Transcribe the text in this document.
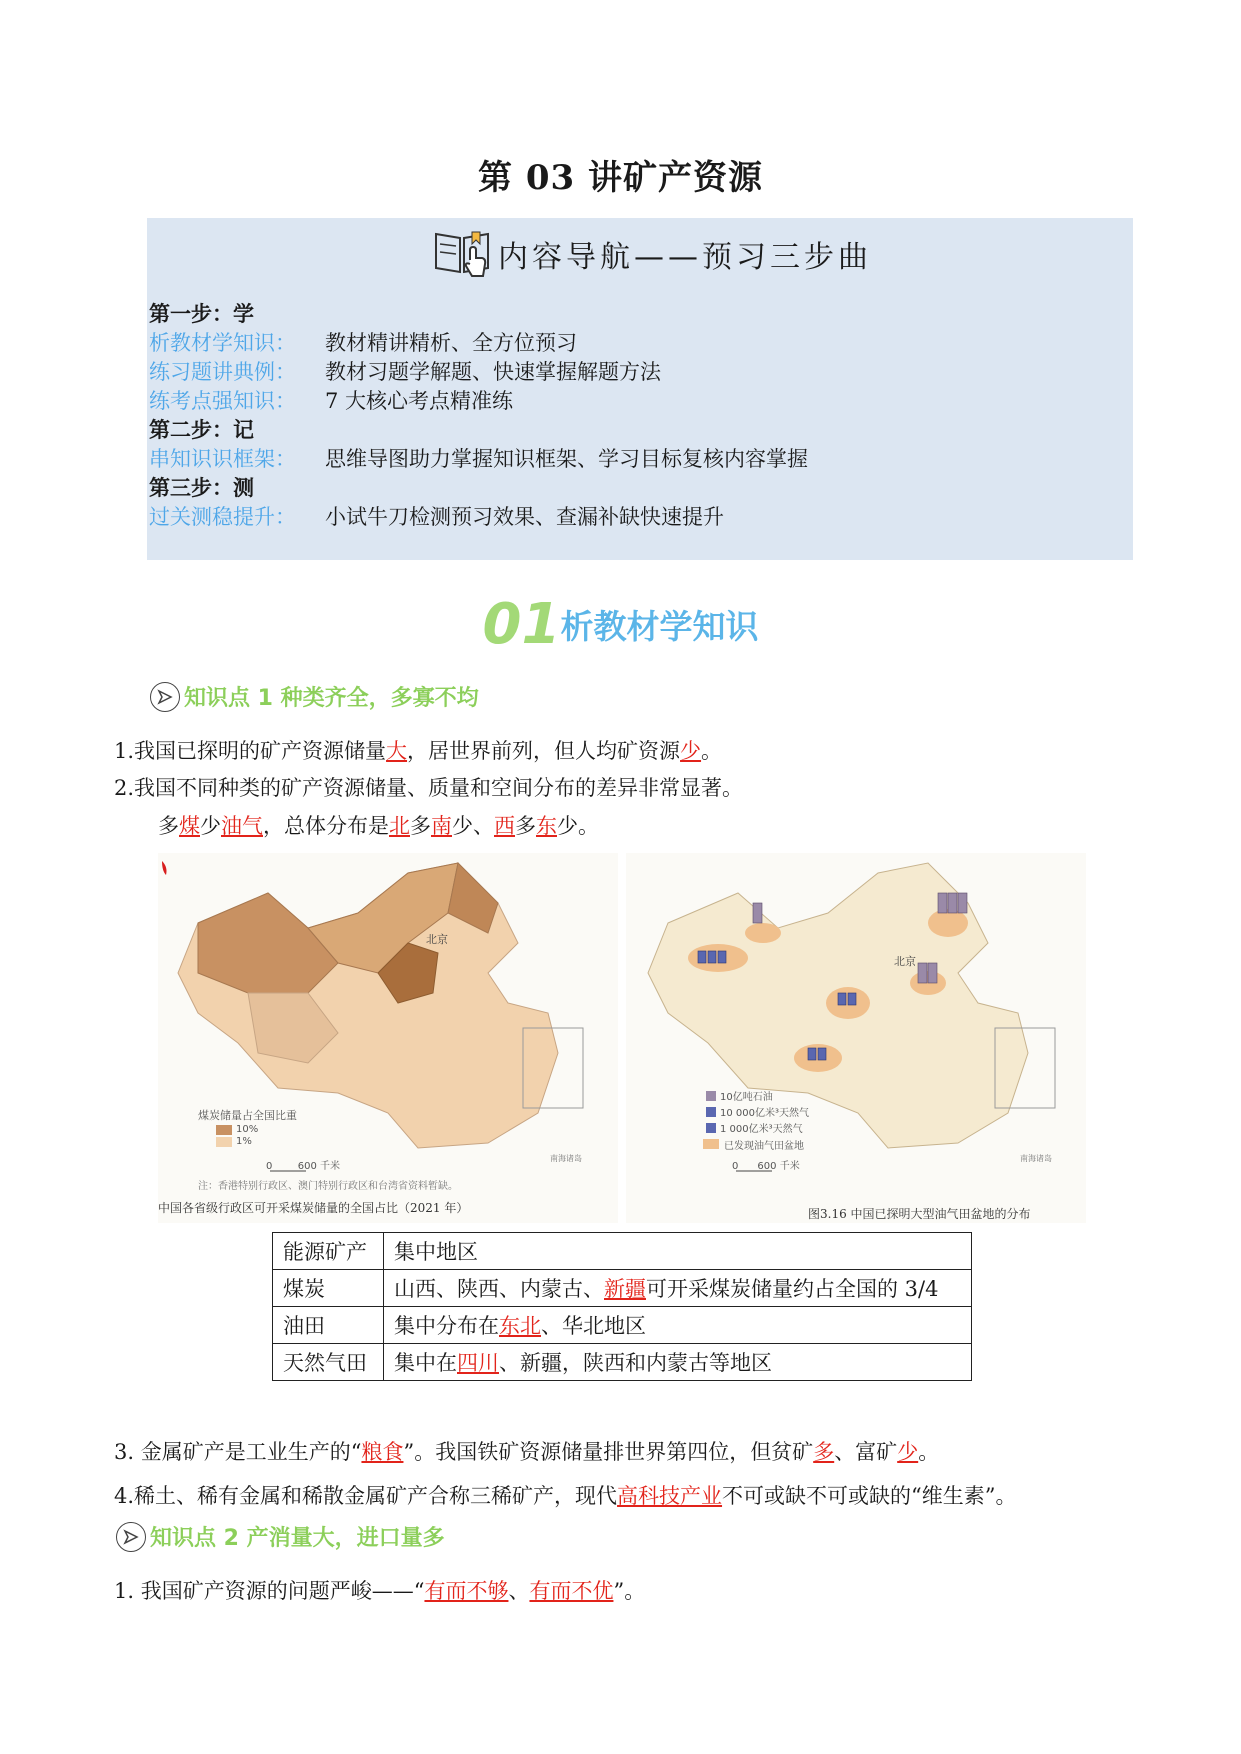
第 03 讲矿产资源
内容导航——预习三步曲
第一步：学
析教材学知识： 教材精讲精析、全方位预习
练习题讲典例： 教材习题学解题、快速掌握解题方法
练考点强知识： 7 大核心考点精准练
第二步：记
串知识识框架： 思维导图助力掌握知识框架、学习目标复核内容掌握
第三步：测
过关测稳提升： 小试牛刀检测预习效果、查漏补缺快速提升
01析教材学知识
知识点 1 种类齐全，多寡不均
1.我国已探明的矿产资源储量大，居世界前列，但人均矿资源少。
2.我国不同种类的矿产资源储量、质量和空间分布的差异非常显著。
多煤少油气，总体分布是北多南少、西多东少。
北京
煤炭储量占全国比重
10%
1%
0        600 千米
注：香港特别行政区、澳门特别行政区和台湾省资料暂缺。
中国各省级行政区可开采煤炭储量的全国占比（2021 年）
南海诸岛
北京
10亿吨石油
10 000亿米³天然气
1 000亿米³天然气
已发现油气田盆地
0      600 千米
图3.16 中国已探明大型油气田盆地的分布
南海诸岛
能源矿产	集中地区
煤炭	山西、陕西、内蒙古、新疆可开采煤炭储量约占全国的 3/4
油田	集中分布在东北、华北地区
天然气田	集中在四川、新疆，陕西和内蒙古等地区
3. 金属矿产是工业生产的“粮食”。我国铁矿资源储量排世界第四位，但贫矿多、富矿少。
4.稀土、稀有金属和稀散金属矿产合称三稀矿产，现代高科技产业不可或缺不可或缺的“维生素”。
知识点 2 产消量大，进口量多
1. 我国矿产资源的问题严峻——“有而不够、有而不优”。
